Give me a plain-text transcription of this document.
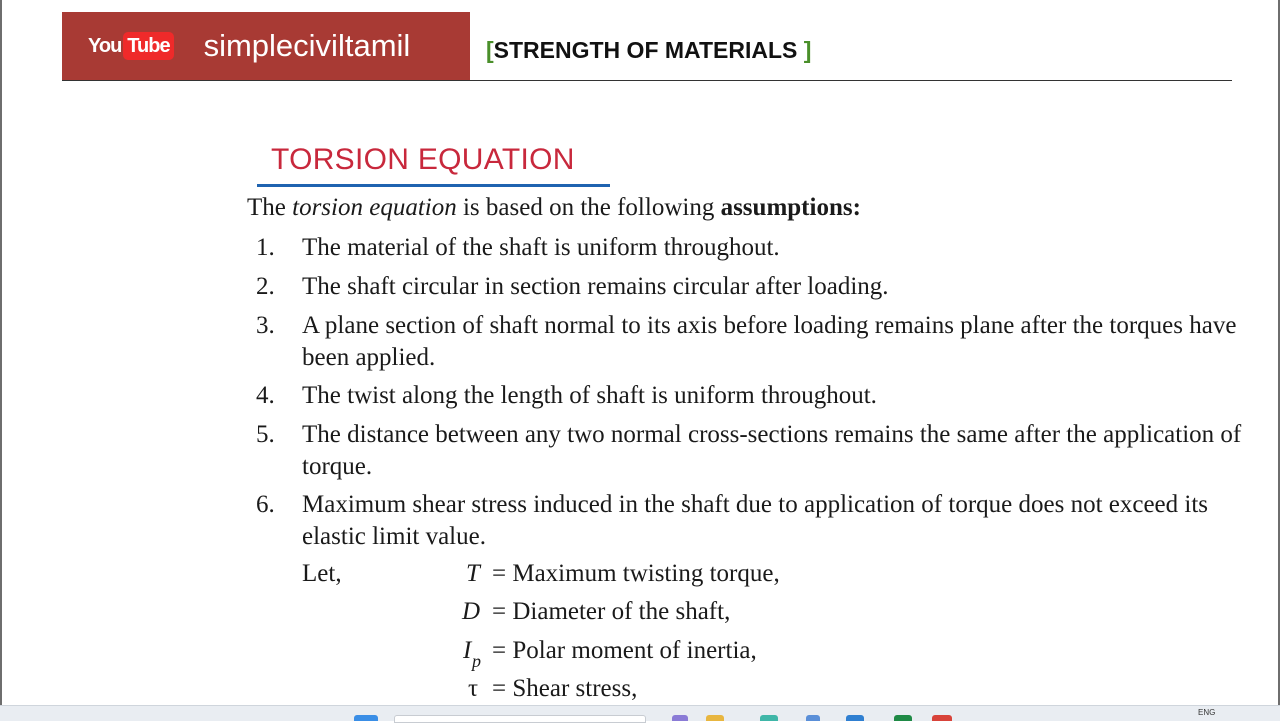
You Tube simpleciviltamil	[STRENGTH OF MATERIALS ]
TORSION EQUATION
The torsion equation is based on the following assumptions:
1.	The material of the shaft is uniform throughout.
2.	The shaft circular in section remains circular after loading.
3.	A plane section of shaft normal to its axis before loading remains plane after the torques have been applied.
4.	The twist along the length of shaft is uniform throughout.
5.	The distance between any two normal cross-sections remains the same after the application of torque.
6.	Maximum shear stress induced in the shaft due to application of torque does not exceed its elastic limit value.
Let,	T = Maximum twisting torque,
D = Diameter of the shaft,
I p = Polar moment of inertia,
τ = Shear stress,
ENG
